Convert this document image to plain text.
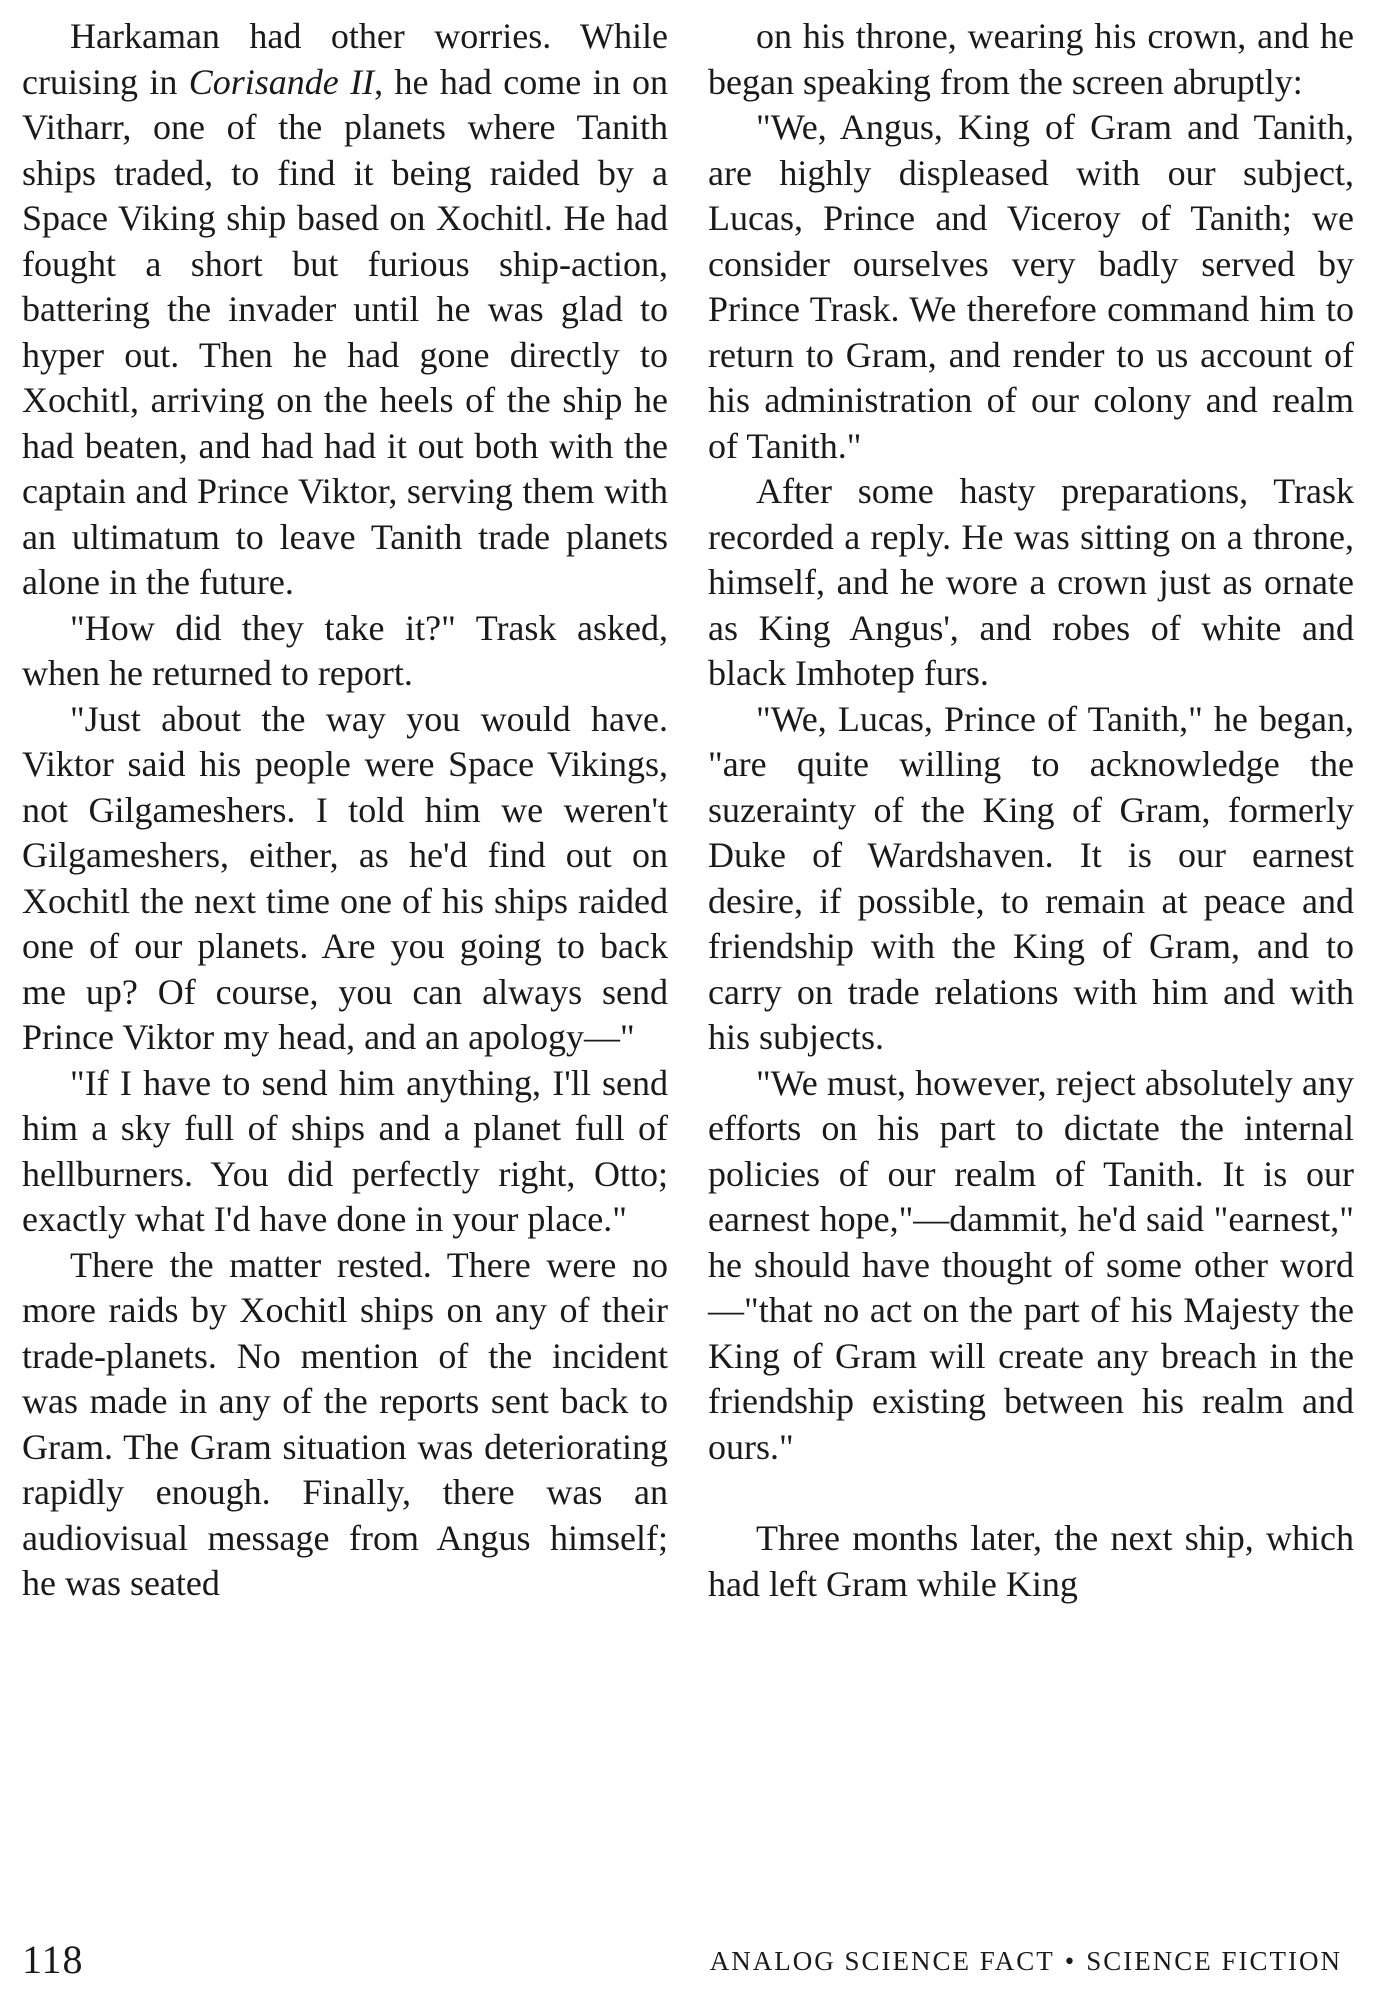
Harkaman had other worries. While cruising in Corisande II, he had come in on Vitharr, one of the planets where Tanith ships traded, to find it being raided by a Space Viking ship based on Xochitl. He had fought a short but furious ship-action, battering the invader until he was glad to hyper out. Then he had gone directly to Xochitl, arriving on the heels of the ship he had beaten, and had had it out both with the captain and Prince Viktor, serving them with an ultimatum to leave Tanith trade planets alone in the future.

"How did they take it?" Trask asked, when he returned to report.

"Just about the way you would have. Viktor said his people were Space Vikings, not Gilgameshers. I told him we weren't Gilgameshers, either, as he'd find out on Xochitl the next time one of his ships raided one of our planets. Are you going to back me up? Of course, you can always send Prince Viktor my head, and an apology—"

"If I have to send him anything, I'll send him a sky full of ships and a planet full of hellburners. You did perfectly right, Otto; exactly what I'd have done in your place."

There the matter rested. There were no more raids by Xochitl ships on any of their trade-planets. No mention of the incident was made in any of the reports sent back to Gram. The Gram situation was deteriorating rapidly enough. Finally, there was an audiovisual message from Angus himself; he was seated

on his throne, wearing his crown, and he began speaking from the screen abruptly:

"We, Angus, King of Gram and Tanith, are highly displeased with our subject, Lucas, Prince and Viceroy of Tanith; we consider ourselves very badly served by Prince Trask. We therefore command him to return to Gram, and render to us account of his administration of our colony and realm of Tanith."

After some hasty preparations, Trask recorded a reply. He was sitting on a throne, himself, and he wore a crown just as ornate as King Angus', and robes of white and black Imhotep furs.

"We, Lucas, Prince of Tanith," he began, "are quite willing to acknowledge the suzerainty of the King of Gram, formerly Duke of Wardshaven. It is our earnest desire, if possible, to remain at peace and friendship with the King of Gram, and to carry on trade relations with him and with his subjects.

"We must, however, reject absolutely any efforts on his part to dictate the internal policies of our realm of Tanith. It is our earnest hope,"—dammit, he'd said "earnest," he should have thought of some other word—"that no act on the part of his Majesty the King of Gram will create any breach in the friendship existing between his realm and ours."

Three months later, the next ship, which had left Gram while King

118	ANALOG SCIENCE FACT • SCIENCE FICTION
